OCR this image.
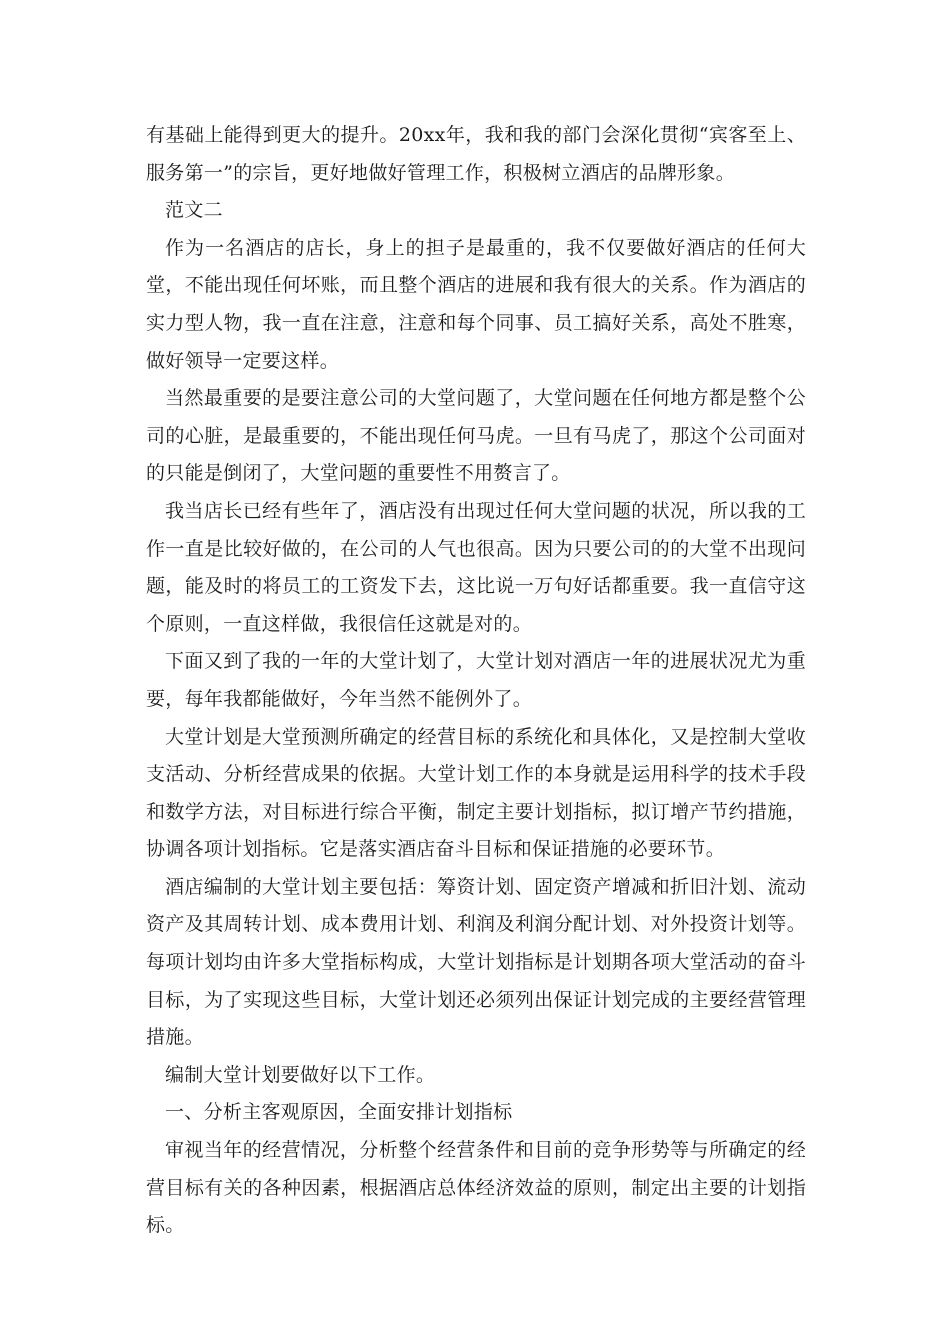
有基础上能得到更大的提升。20xx年，我和我的部门会深化贯彻“宾客至上、服务第一”的宗旨，更好地做好管理工作，积极树立酒店的品牌形象。

范文二

作为一名酒店的店长，身上的担子是最重的，我不仅要做好酒店的任何大堂，不能出现任何坏账，而且整个酒店的进展和我有很大的关系。作为酒店的实力型人物，我一直在注意，注意和每个同事、员工搞好关系，高处不胜寒，做好领导一定要这样。

当然最重要的是要注意公司的大堂问题了，大堂问题在任何地方都是整个公司的心脏，是最重要的，不能出现任何马虎。一旦有马虎了，那这个公司面对的只能是倒闭了，大堂问题的重要性不用赘言了。

我当店长已经有些年了，酒店没有出现过任何大堂问题的状况，所以我的工作一直是比较好做的，在公司的人气也很高。因为只要公司的的大堂不出现问题，能及时的将员工的工资发下去，这比说一万句好话都重要。我一直信守这个原则，一直这样做，我很信任这就是对的。

下面又到了我的一年的大堂计划了，大堂计划对酒店一年的进展状况尤为重要，每年我都能做好，今年当然不能例外了。

大堂计划是大堂预测所确定的经营目标的系统化和具体化，又是控制大堂收支活动、分析经营成果的依据。大堂计划工作的本身就是运用科学的技术手段和数学方法，对目标进行综合平衡，制定主要计划指标，拟订增产节约措施，协调各项计划指标。它是落实酒店奋斗目标和保证措施的必要环节。

酒店编制的大堂计划主要包括：筹资计划、固定资产增减和折旧汁划、流动资产及其周转计划、成本费用计划、利润及利润分配计划、对外投资计划等。每项计划均由许多大堂指标构成，大堂计划指标是计划期各项大堂活动的奋斗目标，为了实现这些目标，大堂计划还必须列出保证计划完成的主要经营管理措施。

编制大堂计划要做好以下工作。

一、分析主客观原因，全面安排计划指标

审视当年的经营情况，分析整个经营条件和目前的竞争形势等与所确定的经营目标有关的各种因素，根据酒店总体经济效益的原则，制定出主要的计划指标。
